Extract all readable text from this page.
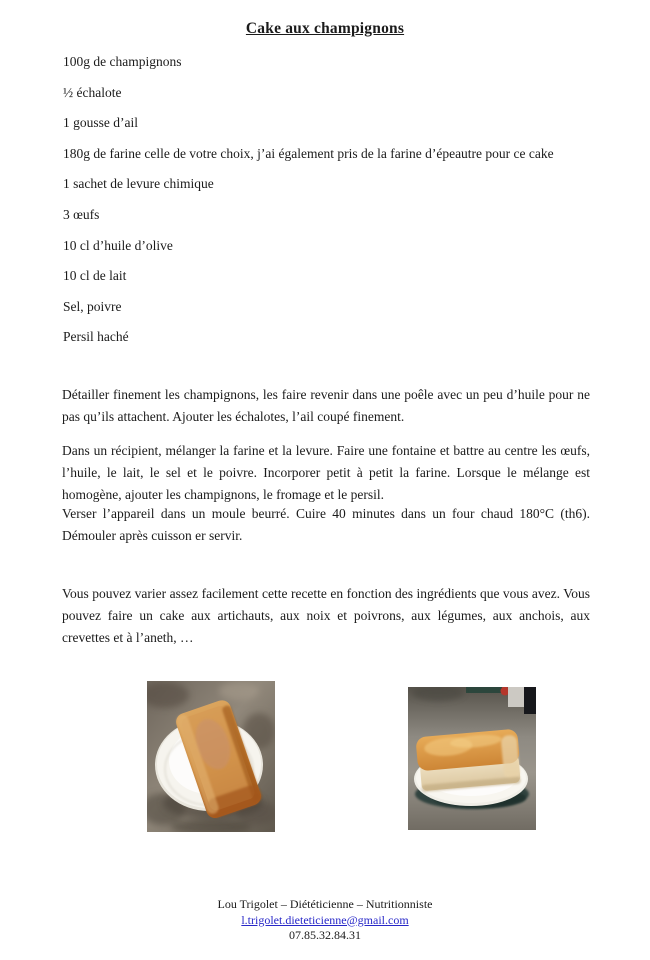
Cake aux champignons

100g de champignons

½ échalote

1 gousse d’ail

180g de farine celle de votre choix, j’ai également pris de la farine d’épeautre pour ce cake

1 sachet de levure chimique

3 œufs

10 cl d’huile d’olive

10 cl de lait

Sel, poivre

Persil haché

Détailler finement les champignons, les faire revenir dans une poêle avec un peu d’huile pour ne pas qu’ils attachent. Ajouter les échalotes, l’ail coupé finement.

Dans un récipient, mélanger la farine et la levure. Faire une fontaine et battre au centre les œufs, l’huile, le lait, le sel et le poivre. Incorporer petit à petit la farine. Lorsque le mélange est homogène, ajouter les champignons, le fromage et le persil.

Verser l’appareil dans un moule beurré. Cuire 40 minutes dans un four chaud 180°C (th6). Démouler après cuisson er servir.

Vous pouvez varier assez facilement cette recette en fonction des ingrédients que vous avez. Vous pouvez faire un cake aux artichauts, aux noix et poivrons, aux légumes, aux anchois, aux crevettes et à l’aneth, …

Lou Trigolet – Diététicienne – Nutritionniste

l.trigolet.dieteticienne@gmail.com

07.85.32.84.31
